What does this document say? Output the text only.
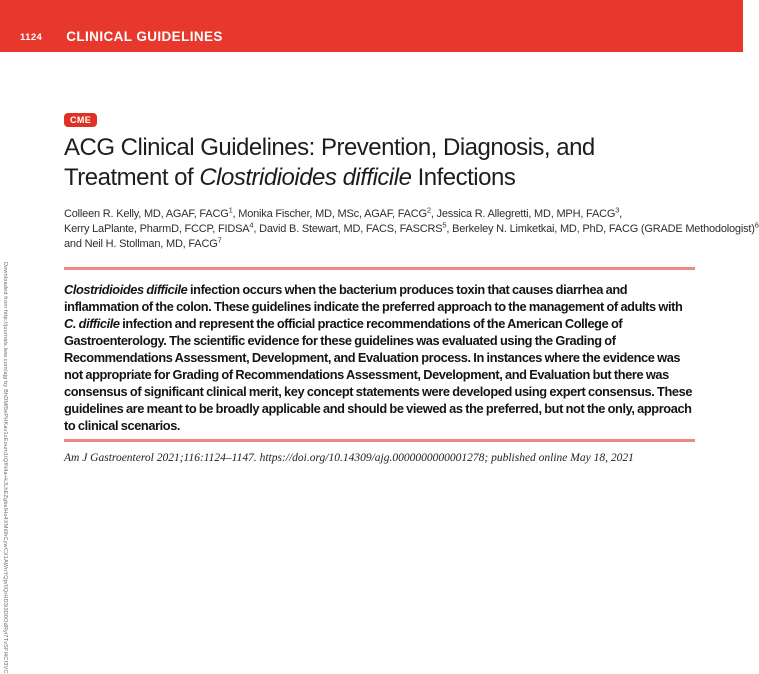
1124 CLINICAL GUIDELINES
Downloaded from http://journals.lww.com/ajg by BhDMf5ePHKav1zEoum1tQfN4a+kJLhEZgbsIHo4XMi0hCywCX1AWnYQp/IlQrHD3i3D0OdRyi7TvSFl4Cf3VC
CME
ACG Clinical Guidelines: Prevention, Diagnosis, and
Treatment of Clostridioides difficile Infections

Colleen R. Kelly, MD, AGAF, FACG$^1$, Monika Fischer, MD, MSc, AGAF, FACG$^2$, Jessica R. Allegretti, MD, MPH, FACG$^3$,
Kerry LaPlante, PharmD, FCCP, FIDSA$^4$, David B. Stewart, MD, FACS, FASCRS$^5$, Berkeley N. Limketkai, MD, PhD, FACG (GRADE Methodologist)$^6$
and Neil H. Stollman, MD, FACG$^7$

Clostridioides difficile infection occurs when the bacterium produces toxin that causes diarrhea and inflammation of the colon. These guidelines indicate the preferred approach to the management of adults with C. difficile infection and represent the official practice recommendations of the American College of Gastroenterology. The scientific evidence for these guidelines was evaluated using the Grading of Recommendations Assessment, Development, and Evaluation process. In instances where the evidence was not appropriate for Grading of Recommendations Assessment, Development, and Evaluation but there was consensus of significant clinical merit, key concept statements were developed using expert consensus. These guidelines are meant to be broadly applicable and should be viewed as the preferred, but not the only, approach to clinical scenarios.

Am J Gastroenterol 2021;116:1124–1147. https://doi.org/10.14309/ajg.0000000000001278; published online May 18, 2021
